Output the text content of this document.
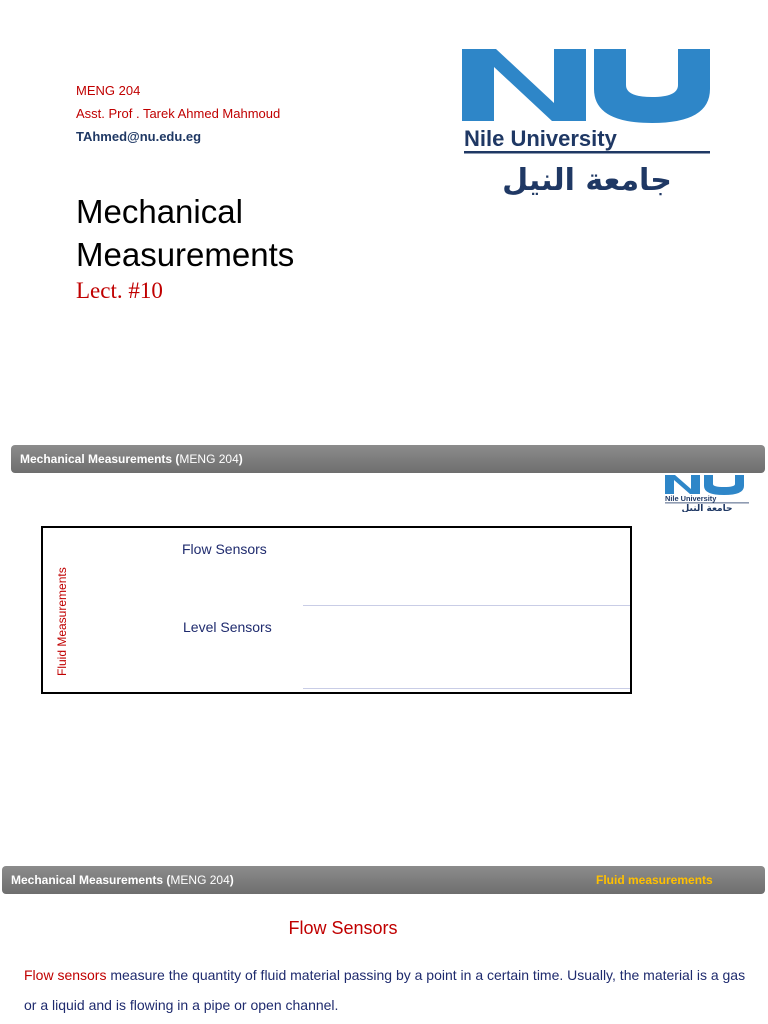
MENG 204
Asst. Prof . Tarek Ahmed Mahmoud
TAhmed@nu.edu.eg
Mechanical
Measurements
Lect. #10
Nile University
جامعة النيل
Mechanical Measurements (MENG 204)
Nile University
جامعة النيل
Fluid Measurements
Flow Sensors
Level Sensors
Mechanical Measurements (MENG 204)	Fluid measurements
Flow Sensors
Flow sensors measure the quantity of fluid material passing by a point in a certain time. Usually, the material is a gas or a liquid and is flowing in a pipe or open channel.
